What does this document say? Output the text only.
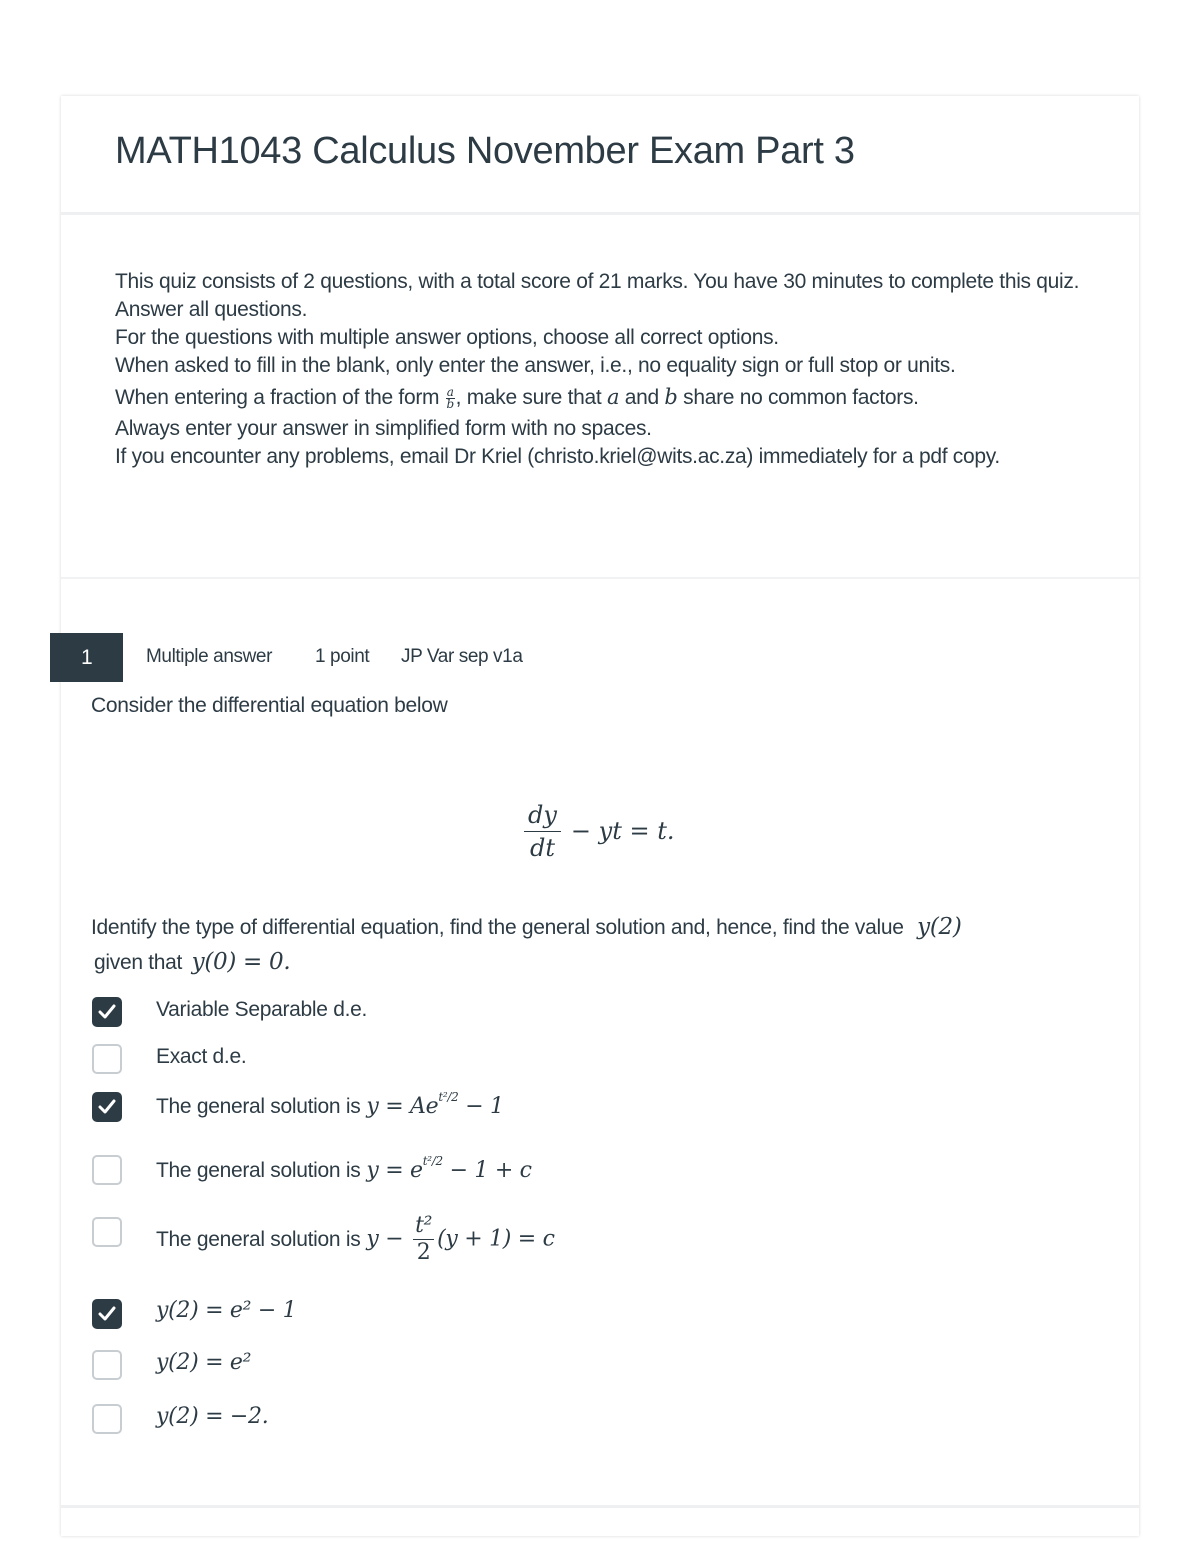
MATH1043 Calculus November Exam Part 3

This quiz consists of 2 questions, with a total score of 21 marks. You have 30 minutes to complete this quiz.

Answer all questions.

For the questions with multiple answer options, choose all correct options.

When asked to fill in the blank, only enter the answer, i.e., no equality sign or full stop or units.

When entering a fraction of the form $\frac{a}{b}$ , make sure that a and b share no common factors.

Always enter your answer in simplified form with no spaces.

If you encounter any problems, email Dr Kriel (christo.kriel@wits.ac.za) immediately for a pdf copy.

1	Multiple answer 1 point JP Var sep v1a
Consider the differential equation below
dy
dt
− yt = t.
Identify the type of differential equation, find the general solution and, hence, find the value y(2)
given that y(0) = 0.
Variable Separable d.e.
Exact d.e.
The general solution is $y = Ae^{t^2/2} - 1$
The general solution is $y = e^{t^2/2} - 1 + c$
The general solution is $y - \frac{\text{t²}}{2} (y + 1) = c$
y(2) = e² − 1
y(2) = e²
y(2) = −2.
